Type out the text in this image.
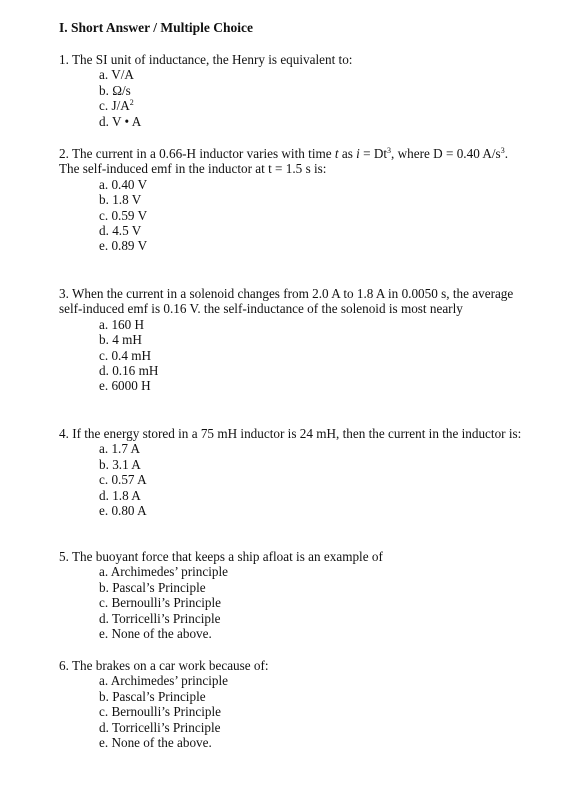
I. Short Answer / Multiple Choice

1. The SI unit of inductance, the Henry is equivalent to:

a. V/A
b. Ω/s
c. $J/A^2$
d. V • A

2. The current in a 0.66-H inductor varies with time t as $i = Dt^3$, where D = 0.40 $A/s^3$.
The self-induced emf in the inductor at t = 1.5 s is:

a. 0.40 V
b. 1.8 V
c. 0.59 V
d. 4.5 V
e. 0.89 V

3. When the current in a solenoid changes from 2.0 A to 1.8 A in 0.0050 s, the average
self-induced emf is 0.16 V. the self-inductance of the solenoid is most nearly

a. 160 H
b. 4 mH
c. 0.4 mH
d. 0.16 mH
e. 6000 H

4. If the energy stored in a 75 mH inductor is 24 mH, then the current in the inductor is:

a. 1.7 A
b. 3.1 A
c. 0.57 A
d. 1.8 A
e. 0.80 A

5. The buoyant force that keeps a ship afloat is an example of

a. Archimedes’ principle
b. Pascal’s Principle
c. Bernoulli’s Principle
d. Torricelli’s Principle
e. None of the above.

6. The brakes on a car work because of:

a. Archimedes’ principle
b. Pascal’s Principle
c. Bernoulli’s Principle
d. Torricelli’s Principle
e. None of the above.
